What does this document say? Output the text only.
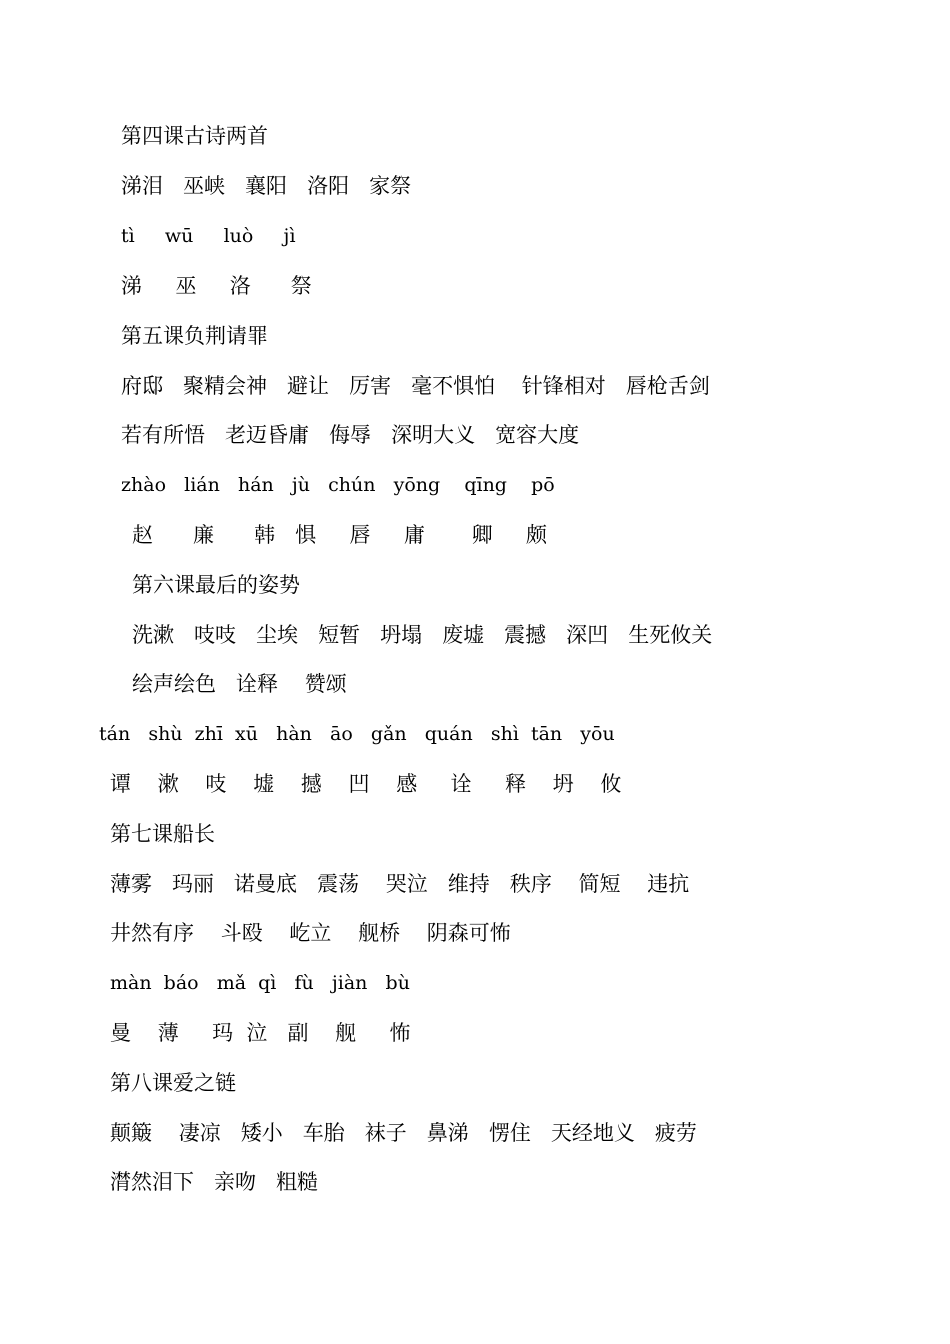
第四课古诗两首
涕泪   巫峡   襄阳   洛阳   家祭
tì     wū     luò     jì
涕     巫     洛      祭
第五课负荆请罪
府邸   聚精会神   避让   厉害   毫不惧怕    针锋相对   唇枪舌剑
若有所悟   老迈昏庸   侮辱   深明大义   宽容大度
zhào   lián   hán   jù   chún   yōng    qīng    pō
赵      廉      韩   惧     唇     庸       卿     颇
第六课最后的姿势
洗漱   吱吱   尘埃   短暂   坍塌   废墟   震撼   深凹   生死攸关
绘声绘色   诠释    赞颂
tán   shù  zhī  xū   hàn   āo   gǎn   quán   shì  tān   yōu
谭    漱    吱    墟    撼    凹    感     诠     释    坍    攸
第七课船长
薄雾   玛丽   诺曼底   震荡    哭泣   维持   秩序    简短    违抗
井然有序    斗殴    屹立    舰桥    阴森可怖
màn  báo   mǎ  qì   fù   jiàn   bù
曼    薄     玛  泣   副    舰     怖
第八课爱之链
颠簸    凄凉   矮小   车胎   袜子   鼻涕   愣住   天经地义   疲劳
潸然泪下   亲吻   粗糙
